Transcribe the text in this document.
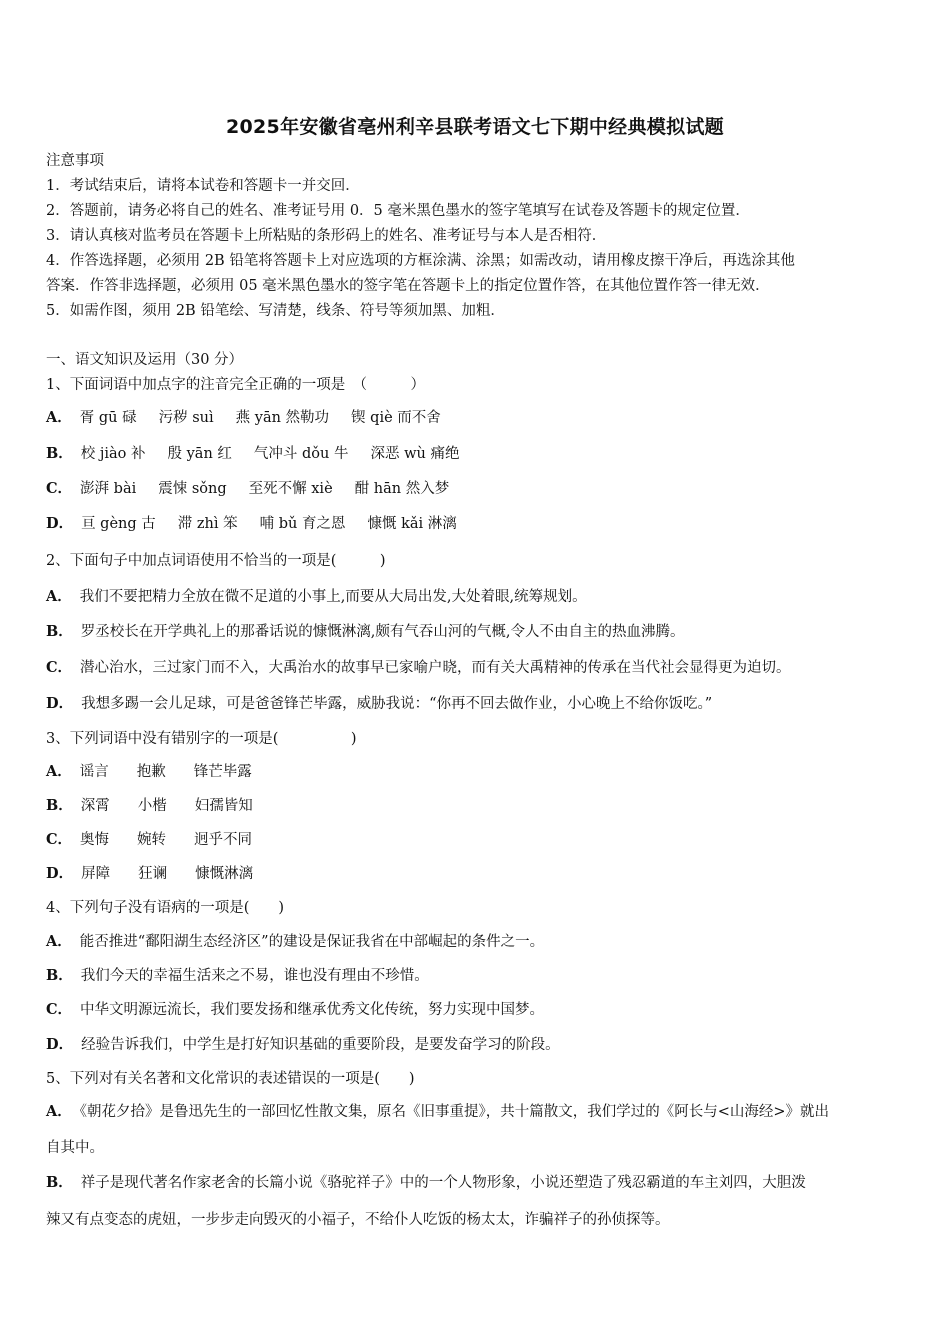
2025年安徽省亳州利辛县联考语文七下期中经典模拟试题
注意事项
1．考试结束后，请将本试卷和答题卡一并交回．
2．答题前，请务必将自己的姓名、准考证号用 0．5 毫米黑色墨水的签字笔填写在试卷及答题卡的规定位置．
3．请认真核对监考员在答题卡上所粘贴的条形码上的姓名、准考证号与本人是否相符．
4．作答选择题，必须用 2B 铅笔将答题卡上对应选项的方框涂满、涂黑；如需改动，请用橡皮擦干净后，再选涂其他
答案．作答非选择题，必须用 05 毫米黑色墨水的签字笔在答题卡上的指定位置作答，在其他位置作答一律无效．
5．如需作图，须用 2B 铅笔绘、写清楚，线条、符号等须加黑、加粗．
一、语文知识及运用（30 分）
1、下面词语中加点字的注音完全正确的一项是　（　　　）
A． 胥 gū 碌 污秽 suì 燕 yān 然勒功 锲 qiè 而不舍
B． 校 jiào 补 殷 yān 红 气冲斗 dǒu 牛 深恶 wù 痛绝
C． 澎湃 bài 震悚 sǒng 至死不懈 xiè 酣 hān 然入梦
D． 亘 gèng 古 滞 zhì 笨 哺 bǔ 育之恩 慷慨 kǎi 淋漓
2、下面句子中加点词语使用不恰当的一项是(　　　)
A． 我们不要把精力全放在微不足道的小事上,而要从大局出发,大处着眼,统筹规划。
B． 罗丞校长在开学典礼上的那番话说的慷慨淋漓,颇有气吞山河的气概,令人不由自主的热血沸腾。
C． 潜心治水，三过家门而不入，大禹治水的故事早已家喻户晓，而有关大禹精神的传承在当代社会显得更为迫切。
D． 我想多踢一会儿足球，可是爸爸锋芒毕露，威胁我说：“你再不回去做作业，小心晚上不给你饭吃。”
3、下列词语中没有错别字的一项是(　　　　　)
A． 谣言 抱歉 锋芒毕露
B． 深霄 小楷 妇孺皆知
C． 奥悔 婉转 迥乎不同
D． 屏障 狂谰 慷慨淋漓
4、下列句子没有语病的一项是(　　)
A． 能否推进“鄱阳湖生态经济区”的建设是保证我省在中部崛起的条件之一。
B． 我们今天的幸福生活来之不易，谁也没有理由不珍惜。
C． 中华文明源远流长，我们要发扬和继承优秀文化传统，努力实现中国梦。
D． 经验告诉我们，中学生是打好知识基础的重要阶段，是要发奋学习的阶段。
5、下列对有关名著和文化常识的表述错误的一项是(　　)
A． 《朝花夕拾》是鲁迅先生的一部回忆性散文集，原名《旧事重提》，共十篇散文，我们学过的《阿长与<山海经>》就出
自其中。
B． 祥子是现代著名作家老舍的长篇小说《骆驼祥子》中的一个人物形象，小说还塑造了残忍霸道的车主刘四，大胆泼
辣又有点变态的虎妞，一步步走向毁灭的小福子，不给仆人吃饭的杨太太，诈骗祥子的孙侦探等。
